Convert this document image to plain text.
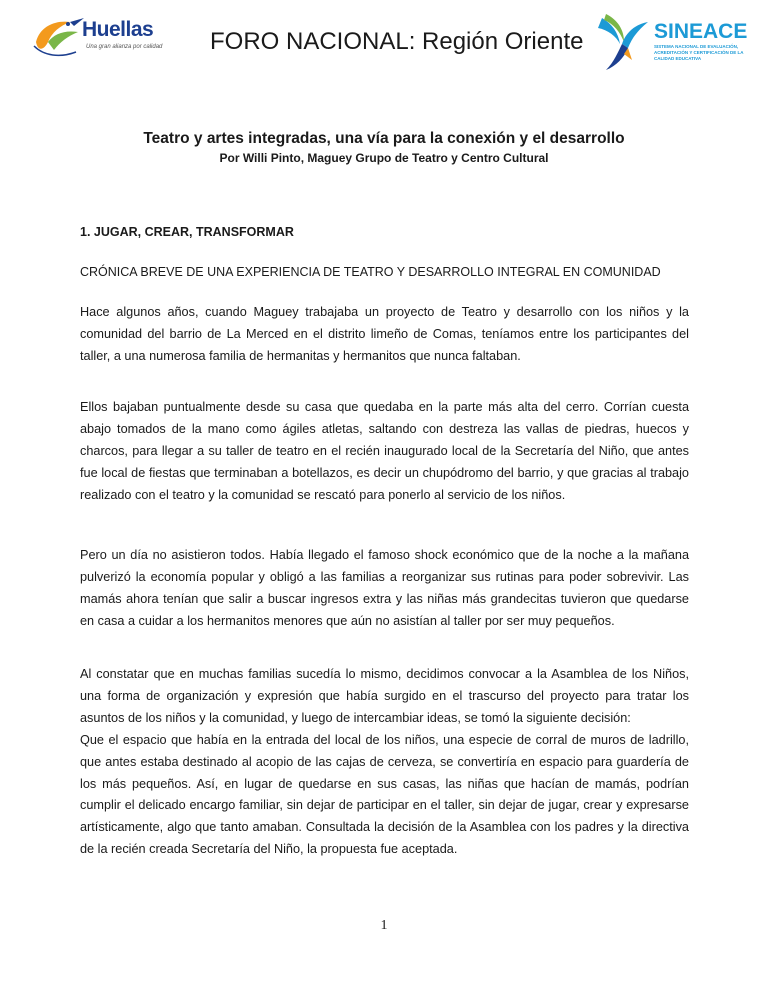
Huellas
Una gran alianza por calidad FORO NACIONAL: Región Oriente	SINEACE
SISTEMA NACIONAL DE EVALUACIÓN, ACREDITACIÓN Y CERTIFICACIÓN DE LA CALIDAD EDUCATIVA
Teatro y artes integradas, una vía para la conexión y el desarrollo
Por Willi Pinto, Maguey Grupo de Teatro y Centro Cultural
1. JUGAR, CREAR, TRANSFORMAR
CRÓNICA BREVE DE UNA EXPERIENCIA DE TEATRO Y DESARROLLO INTEGRAL EN COMUNIDAD

Hace algunos años, cuando Maguey trabajaba un proyecto de Teatro y desarrollo con los niños y la comunidad del barrio de La Merced en el distrito limeño de Comas, teníamos entre los participantes del taller, a una numerosa familia de hermanitas y hermanitos que nunca faltaban.

Ellos bajaban puntualmente desde su casa que quedaba en la parte más alta del cerro. Corrían cuesta abajo tomados de la mano como ágiles atletas, saltando con destreza las vallas de piedras, huecos y charcos, para llegar a su taller de teatro en el recién inaugurado local de la Secretaría del Niño, que antes fue local de fiestas que terminaban a botellazos, es decir un chupódromo del barrio, y que gracias al trabajo realizado con el teatro y la comunidad se rescató para ponerlo al servicio de los niños.

Pero un día no asistieron todos. Había llegado el famoso shock económico que de la noche a la mañana pulverizó la economía popular y obligó a las familias a reorganizar sus rutinas para poder sobrevivir. Las mamás ahora tenían que salir a buscar ingresos extra y las niñas más grandecitas tuvieron que quedarse en casa a cuidar a los hermanitos menores que aún no asistían al taller por ser muy pequeños.

Al constatar que en muchas familias sucedía lo mismo, decidimos convocar a la Asamblea de los Niños, una forma de organización y expresión que había surgido en el trascurso del proyecto para tratar los asuntos de los niños y la comunidad, y luego de intercambiar ideas, se tomó la siguiente decisión:
Que el espacio que había en la entrada del local de los niños, una especie de corral de muros de ladrillo, que antes estaba destinado al acopio de las cajas de cerveza, se convertiría en espacio para guardería de los más pequeños. Así, en lugar de quedarse en sus casas, las niñas que hacían de mamás, podrían cumplir el delicado encargo familiar, sin dejar de participar en el taller, sin dejar de jugar, crear y expresarse artísticamente, algo que tanto amaban. Consultada la decisión de la Asamblea con los padres y la directiva de la recién creada Secretaría del Niño, la propuesta fue aceptada.
1
